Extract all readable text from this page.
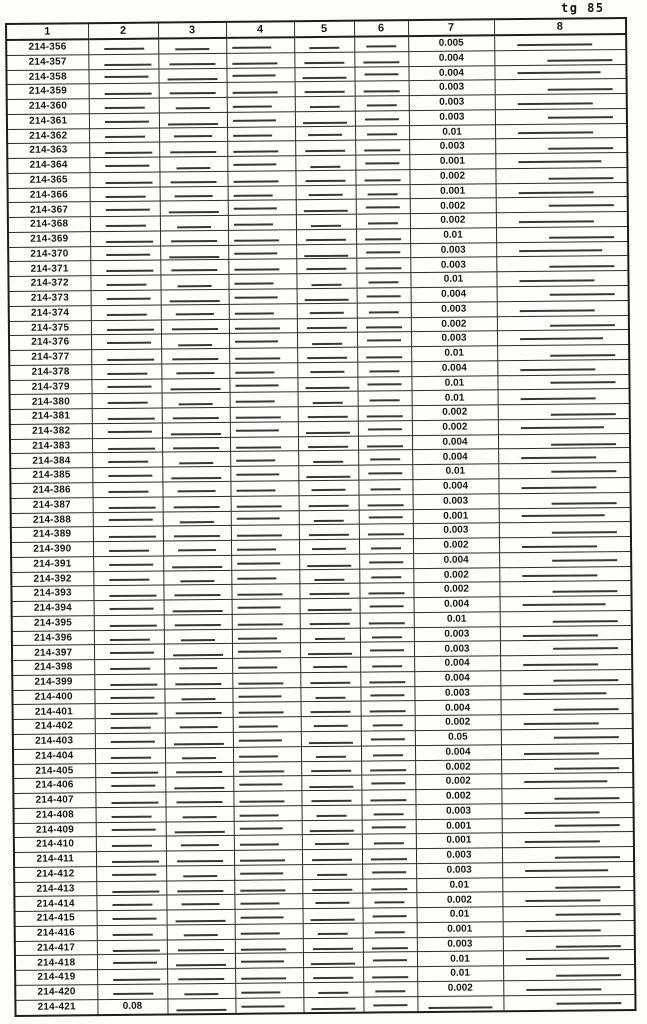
tg 85
1	2	3	4	5	6	7	8
214-356						0.005	
214-357						0.004	
214-358						0.004	
214-359						0.003	
214-360						0.003	
214-361						0.003	
214-362						0.01	
214-363						0.003	
214-364						0.001	
214-365						0.002	
214-366						0.001	
214-367						0.002	
214-368						0.002	
214-369						0.01	
214-370						0.003	
214-371						0.003	
214-372						0.01	
214-373						0.004	
214-374						0.003	
214-375						0.002	
214-376						0.003	
214-377						0.01	
214-378						0.004	
214-379						0.01	
214-380						0.01	
214-381						0.002	
214-382						0.002	
214-383						0.004	
214-384						0.004	
214-385						0.01	
214-386						0.004	
214-387						0.003	
214-388						0.001	
214-389						0.003	
214-390						0.002	
214-391						0.004	
214-392						0.002	
214-393						0.002	
214-394						0.004	
214-395						0.01	
214-396						0.003	
214-397						0.003	
214-398						0.004	
214-399						0.004	
214-400						0.003	
214-401						0.004	
214-402						0.002	
214-403						0.05	
214-404						0.004	
214-405						0.002	
214-406						0.002	
214-407						0.002	
214-408						0.003	
214-409						0.001	
214-410						0.001	
214-411						0.003	
214-412						0.003	
214-413						0.01	
214-414						0.002	
214-415						0.01	
214-416						0.001	
214-417						0.003	
214-418						0.01	
214-419						0.01	
214-420						0.002	
214-421	0.08						
